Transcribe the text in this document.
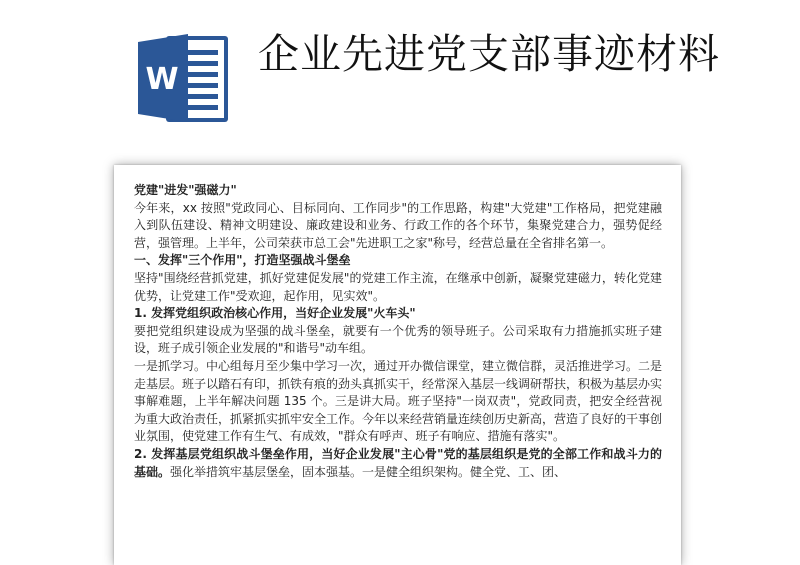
W
企业先进党支部事迹材料

党建"进发"强磁力"

今年来，xx 按照"党政同心、目标同向、工作同步"的工作思路，构建"大党建"工作格局，把党建融入到队伍建设、精神文明建设、廉政建设和业务、行政工作的各个环节，集聚党建合力，强势促经营，强管理。上半年，公司荣获市总工会"先进职工之家"称号，经营总量在全省排名第一。

一、发挥"三个作用"，打造坚强战斗堡垒

坚持"围绕经营抓党建，抓好党建促发展"的党建工作主流，在继承中创新，凝聚党建磁力，转化党建优势，让党建工作"受欢迎，起作用，见实效"。

1. 发挥党组织政治核心作用，当好企业发展"火车头"

要把党组织建设成为坚强的战斗堡垒，就要有一个优秀的领导班子。公司采取有力措施抓实班子建设，班子成引领企业发展的"和谐号"动车组。

一是抓学习。中心组每月至少集中学习一次，通过开办微信课堂，建立微信群，灵活推进学习。二是走基层。班子以踏石有印，抓铁有痕的劲头真抓实干，经常深入基层一线调研帮扶，积极为基层办实事解难题，上半年解决问题 135 个。三是讲大局。班子坚持"一岗双责"，党政同责，把安全经营视为重大政治责任，抓紧抓实抓牢安全工作。今年以来经营销量连续创历史新高，营造了良好的干事创业氛围，使党建工作有生气、有成效，"群众有呼声、班子有响应、措施有落实"。

2. 发挥基层党组织战斗堡垒作用，当好企业发展"主心骨"党的基层组织是党的全部工作和战斗力的基础。强化举措筑牢基层堡垒，固本强基。一是健全组织架构。健全党、工、团、
